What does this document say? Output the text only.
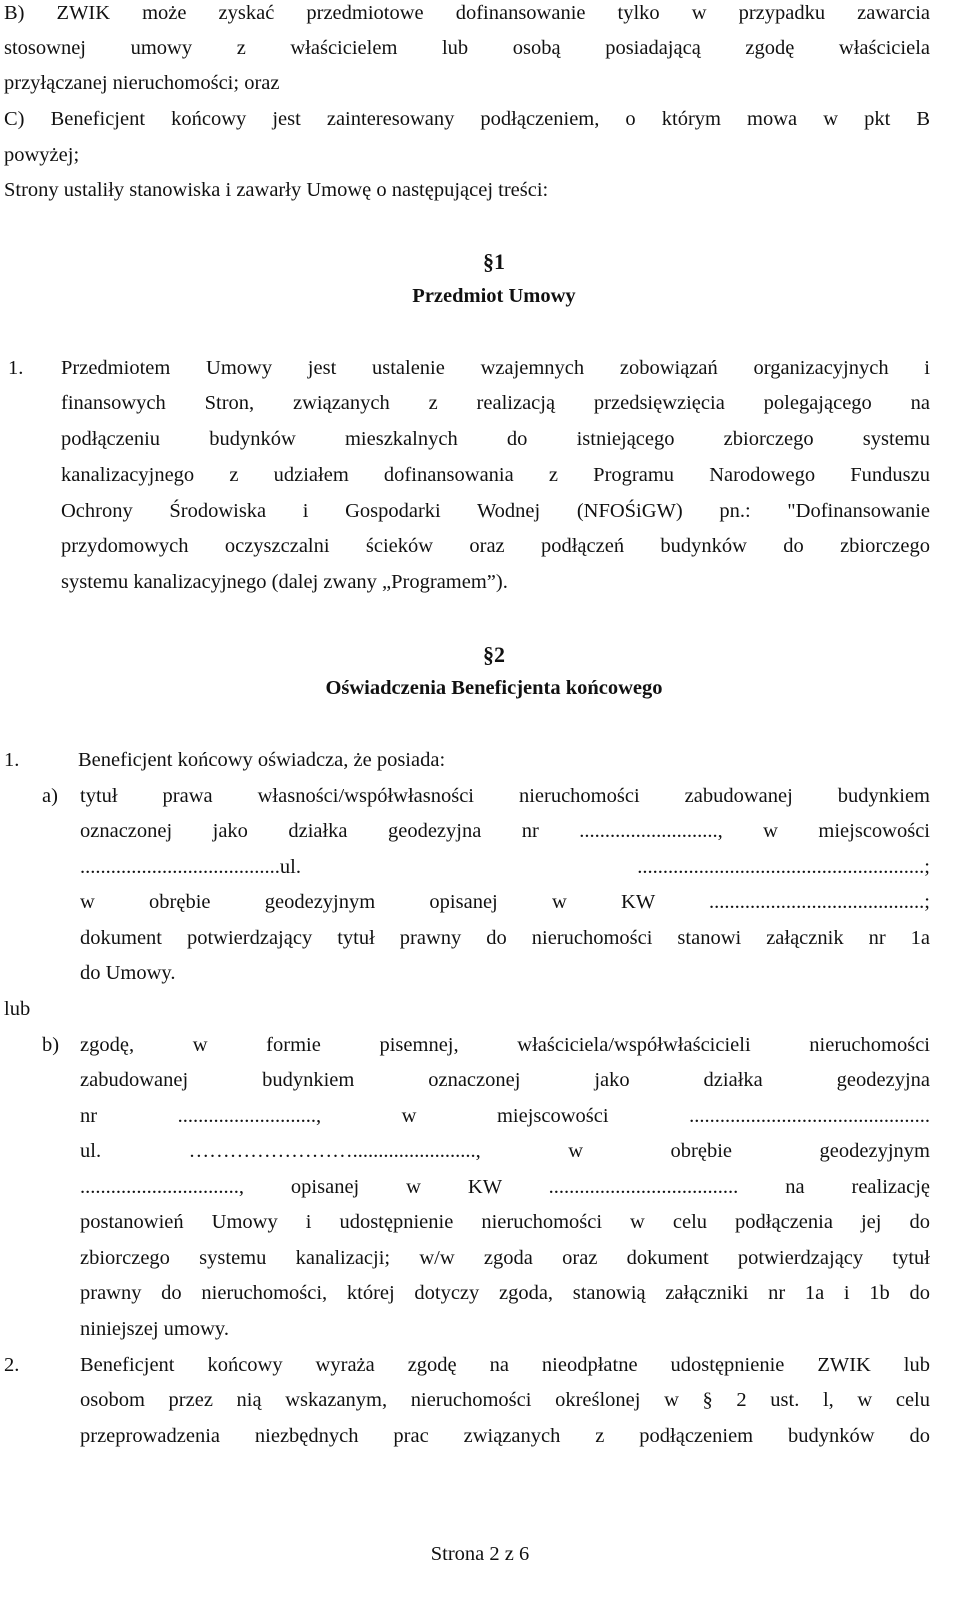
B) ZWIK może zyskać przedmiotowe dofinansowanie tylko w przypadku zawarcia
stosownej umowy z właścicielem lub osobą posiadającą zgodę właściciela
przyłączanej nieruchomości; oraz
C) Beneficjent końcowy jest zainteresowany podłączeniem, o którym mowa w pkt B
powyżej;
Strony ustaliły stanowiska i zawarły Umowę o następującej treści:
§1
Przedmiot Umowy
1. Przedmiotem Umowy jest ustalenie wzajemnych zobowiązań organizacyjnych i
finansowych Stron, związanych z realizacją przedsięwzięcia polegającego na
podłączeniu budynków mieszkalnych do istniejącego zbiorczego systemu
kanalizacyjnego z udziałem dofinansowania z Programu Narodowego Funduszu
Ochrony Środowiska i Gospodarki Wodnej (NFOŚiGW) pn.: "Dofinansowanie
przydomowych oczyszczalni ścieków oraz podłączeń budynków do zbiorczego
systemu kanalizacyjnego (dalej zwany „Programem”).
§2
Oświadczenia Beneficjenta końcowego
1.	Beneficjent końcowy oświadcza, że posiada:
a) tytuł prawa własności/współwłasności nieruchomości zabudowanej budynkiem
oznaczonej jako działka geodezyjna nr ..........................., w miejscowości
.......................................ul. ........................................................;
w obrębie geodezyjnym opisanej w KW ..........................................;
dokument potwierdzający tytuł prawny do nieruchomości stanowi załącznik nr 1a
do Umowy.
lub
b) zgodę, w formie pisemnej, właściciela/współwłaścicieli nieruchomości
zabudowanej budynkiem oznaczonej jako działka geodezyjna
nr ..........................., w miejscowości ...............................................
ul. ……………………........................, w obrębie geodezyjnym
..............................., opisanej w KW ..................................... na realizację
postanowień Umowy i udostępnienie nieruchomości w celu podłączenia jej do
zbiorczego systemu kanalizacji; w/w zgoda oraz dokument potwierdzający tytuł
prawny do nieruchomości, której dotyczy zgoda, stanowią załączniki nr 1a i 1b do
niniejszej umowy.
2.	Beneficjent końcowy wyraża zgodę na nieodpłatne udostępnienie ZWIK lub
osobom przez nią wskazanym, nieruchomości określonej w § 2 ust. l, w celu
przeprowadzenia niezbędnych prac związanych z podłączeniem budynków do
Strona 2 z 6
